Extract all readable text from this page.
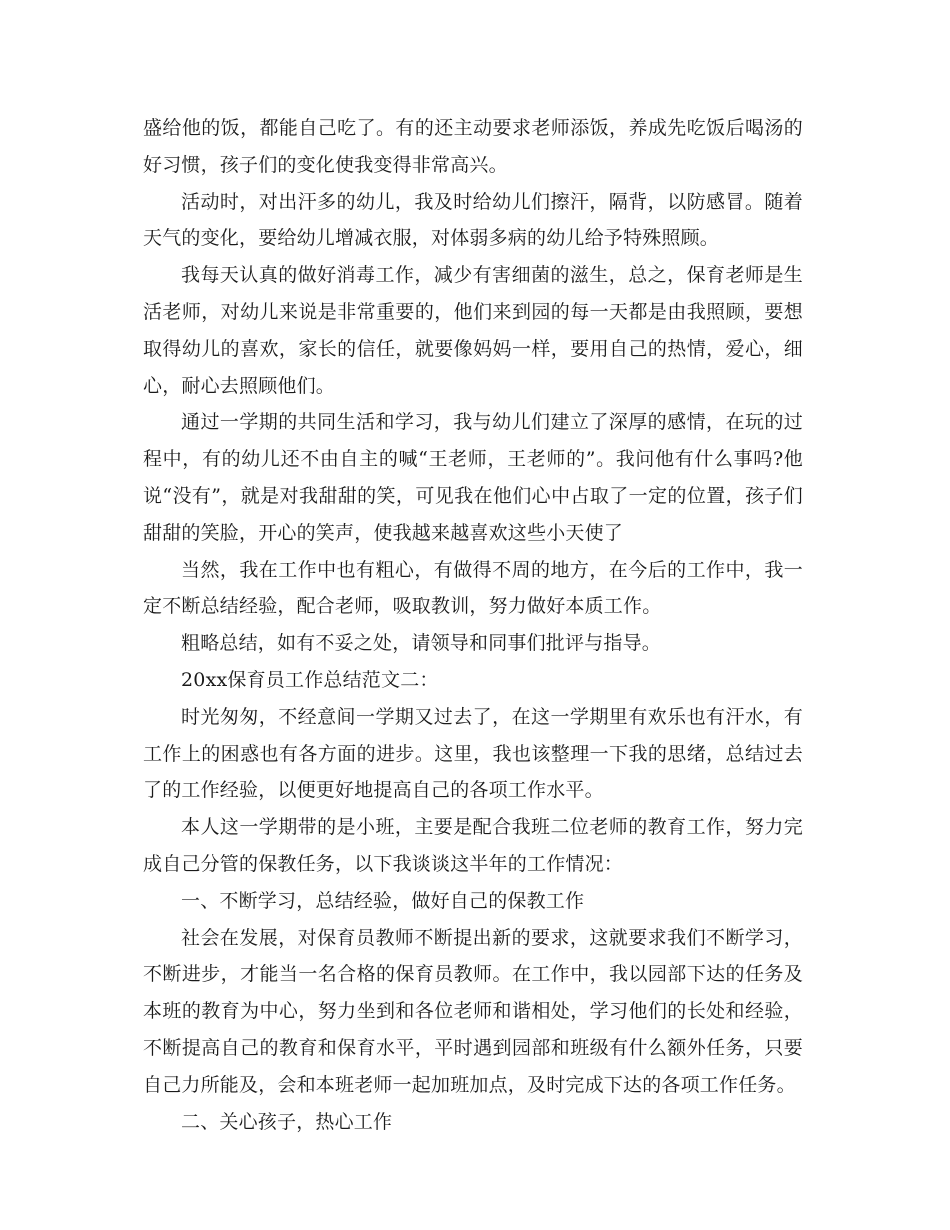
盛给他的饭，都能自己吃了。有的还主动要求老师添饭，养成先吃饭后喝汤的好习惯，孩子们的变化使我变得非常高兴。

活动时，对出汗多的幼儿，我及时给幼儿们擦汗，隔背，以防感冒。随着天气的变化，要给幼儿增减衣服，对体弱多病的幼儿给予特殊照顾。

我每天认真的做好消毒工作，减少有害细菌的滋生，总之，保育老师是生活老师，对幼儿来说是非常重要的，他们来到园的每一天都是由我照顾，要想取得幼儿的喜欢，家长的信任，就要像妈妈一样，要用自己的热情，爱心，细心，耐心去照顾他们。

通过一学期的共同生活和学习，我与幼儿们建立了深厚的感情，在玩的过程中，有的幼儿还不由自主的喊“王老师，王老师的”。我问他有什么事吗?他说“没有”，就是对我甜甜的笑，可见我在他们心中占取了一定的位置，孩子们甜甜的笑脸，开心的笑声，使我越来越喜欢这些小天使了

当然，我在工作中也有粗心，有做得不周的地方，在今后的工作中，我一定不断总结经验，配合老师，吸取教训，努力做好本质工作。

粗略总结，如有不妥之处，请领导和同事们批评与指导。

20xx保育员工作总结范文二：

时光匆匆，不经意间一学期又过去了，在这一学期里有欢乐也有汗水，有工作上的困惑也有各方面的进步。这里，我也该整理一下我的思绪，总结过去了的工作经验，以便更好地提高自己的各项工作水平。

本人这一学期带的是小班，主要是配合我班二位老师的教育工作，努力完成自己分管的保教任务，以下我谈谈这半年的工作情况：

一、不断学习，总结经验，做好自己的保教工作

社会在发展，对保育员教师不断提出新的要求，这就要求我们不断学习，不断进步，才能当一名合格的保育员教师。在工作中，我以园部下达的任务及本班的教育为中心，努力坐到和各位老师和谐相处，学习他们的长处和经验，不断提高自己的教育和保育水平，平时遇到园部和班级有什么额外任务，只要自己力所能及，会和本班老师一起加班加点，及时完成下达的各项工作任务。

二、关心孩子，热心工作
